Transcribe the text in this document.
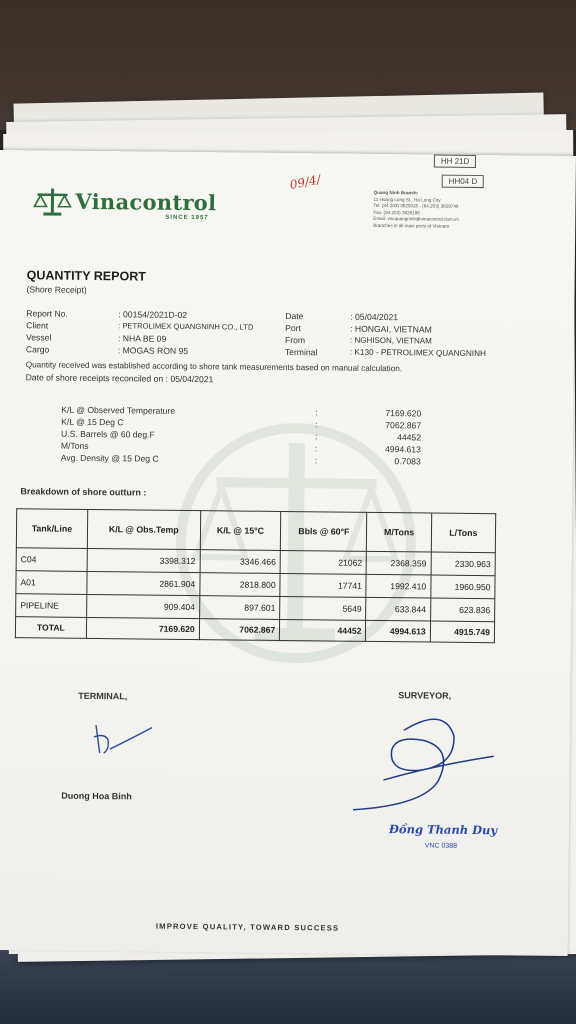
HH 21D
HH04 D
09/4/
Vinacontrol
SINCE 1957
Quang Ninh Branch:
11 Hoang Long St., Ha Long City
Tel: (84.203) 3625028 - (84.203) 3629749
Fax: (84.203) 3826186
Email: vncquangninh@vinacontrol.com.vn
Branches in all main ports of Vietnam
QUANTITY REPORT
(Shore Receipt)
Report No.	: 00154/2021D-02
Client	: PETROLIMEX QUANGNINH CO., LTD
Vessel	: NHA BE 09
Cargo	: MOGAS RON 95
Date	: 05/04/2021
Port	: HONGAI, VIETNAM
From	: NGHISON, VIETNAM
Terminal	: K130 - PETROLIMEX QUANGNINH
Quantity received was established according to shore tank measurements based on manual calculation.
Date of shore receipts reconciled on : 05/04/2021
K/L @ Observed Temperature	:	7169.620
K/L @ 15 Deg C	:	7062.867
U.S. Barrels @ 60 deg.F	:	44452
M/Tons	:	4994.613
Avg. Density @ 15 Deg C	:	0.7083
Breakdown of shore outturn :
Tank/Line	K/L @ Obs.Temp	K/L @ 15°C	Bbls @ 60°F	M/Tons	L/Tons
C04	3398.312	3346.466	21062	2368.359	2330.963
A01	2861.904	2818.800	17741	1992.410	1960.950
PIPELINE	909.404	897.601	5649	633.844	623.836
TOTAL	7169.620	7062.867	44452	4994.613	4915.749
TERMINAL,	SURVEYOR,
Duong Hoa Binh
Đồng Thanh Duy
VNC 0388
IMPROVE QUALITY, TOWARD SUCCESS
